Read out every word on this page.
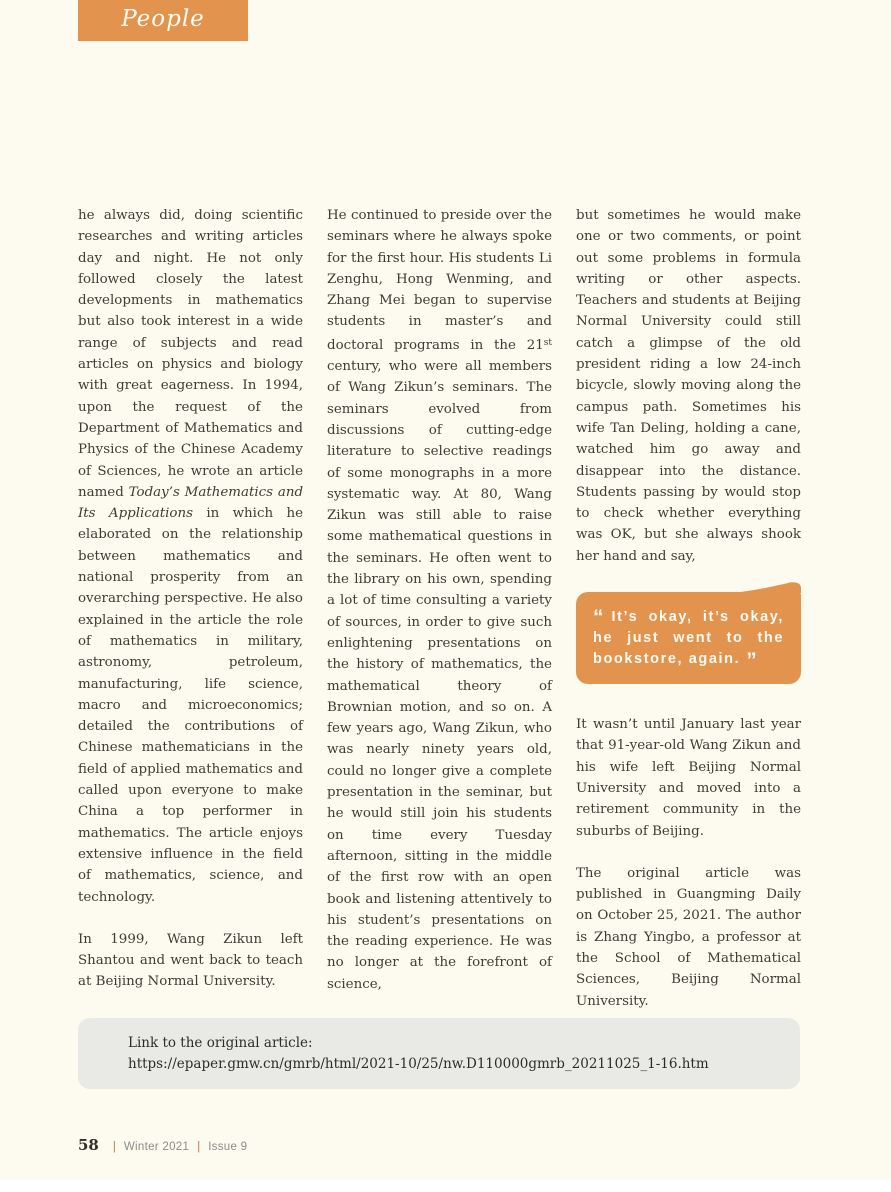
People

he always did, doing scientific researches and writing articles day and night. He not only followed closely the latest developments in mathematics but also took interest in a wide range of subjects and read articles on physics and biology with great eagerness. In 1994, upon the request of the Department of Mathematics and Physics of the Chinese Academy of Sciences, he wrote an article named Today’s Mathematics and Its Applications in which he elaborated on the relationship between mathematics and national prosperity from an overarching perspective. He also explained in the article the role of mathematics in military, astronomy, petroleum, manufacturing, life science, macro and microeconomics; detailed the contributions of Chinese mathematicians in the field of applied mathematics and called upon everyone to make China a top performer in mathematics. The article enjoys extensive influence in the field of mathematics, science, and technology.

In 1999, Wang Zikun left Shantou and went back to teach at Beijing Normal University.

He continued to preside over the seminars where he always spoke for the first hour. His students Li Zenghu, Hong Wenming, and Zhang Mei began to supervise students in master’s and doctoral programs in the 21st century, who were all members of Wang Zikun’s seminars. The seminars evolved from discussions of cutting-edge literature to selective readings of some monographs in a more systematic way. At 80, Wang Zikun was still able to raise some mathematical questions in the seminars. He often went to the library on his own, spending a lot of time consulting a variety of sources, in order to give such enlightening presentations on the history of mathematics, the mathematical theory of Brownian motion, and so on. A few years ago, Wang Zikun, who was nearly ninety years old, could no longer give a complete presentation in the seminar, but he would still join his students on time every Tuesday afternoon, sitting in the middle of the first row with an open book and listening attentively to his student’s presentations on the reading experience. He was no longer at the forefront of science,

but sometimes he would make one or two comments, or point out some problems in formula writing or other aspects. Teachers and students at Beijing Normal University could still catch a glimpse of the old president riding a low 24-inch bicycle, slowly moving along the campus path. Sometimes his wife Tan Deling, holding a cane, watched him go away and disappear into the distance. Students passing by would stop to check whether everything was OK, but she always shook her hand and say,

“ It’s okay, it’s okay, he just went to the bookstore, again. ”

It wasn’t until January last year that 91-year-old Wang Zikun and his wife left Beijing Normal University and moved into a retirement community in the suburbs of Beijing.

The original article was published in Guangming Daily on October 25, 2021. The author is Zhang Yingbo, a professor at the School of Mathematical Sciences, Beijing Normal University.

Link to the original article:
https://epaper.gmw.cn/gmrb/html/2021-10/25/nw.D110000gmrb_20211025_1-16.htm
58 | Winter 2021 | Issue 9
